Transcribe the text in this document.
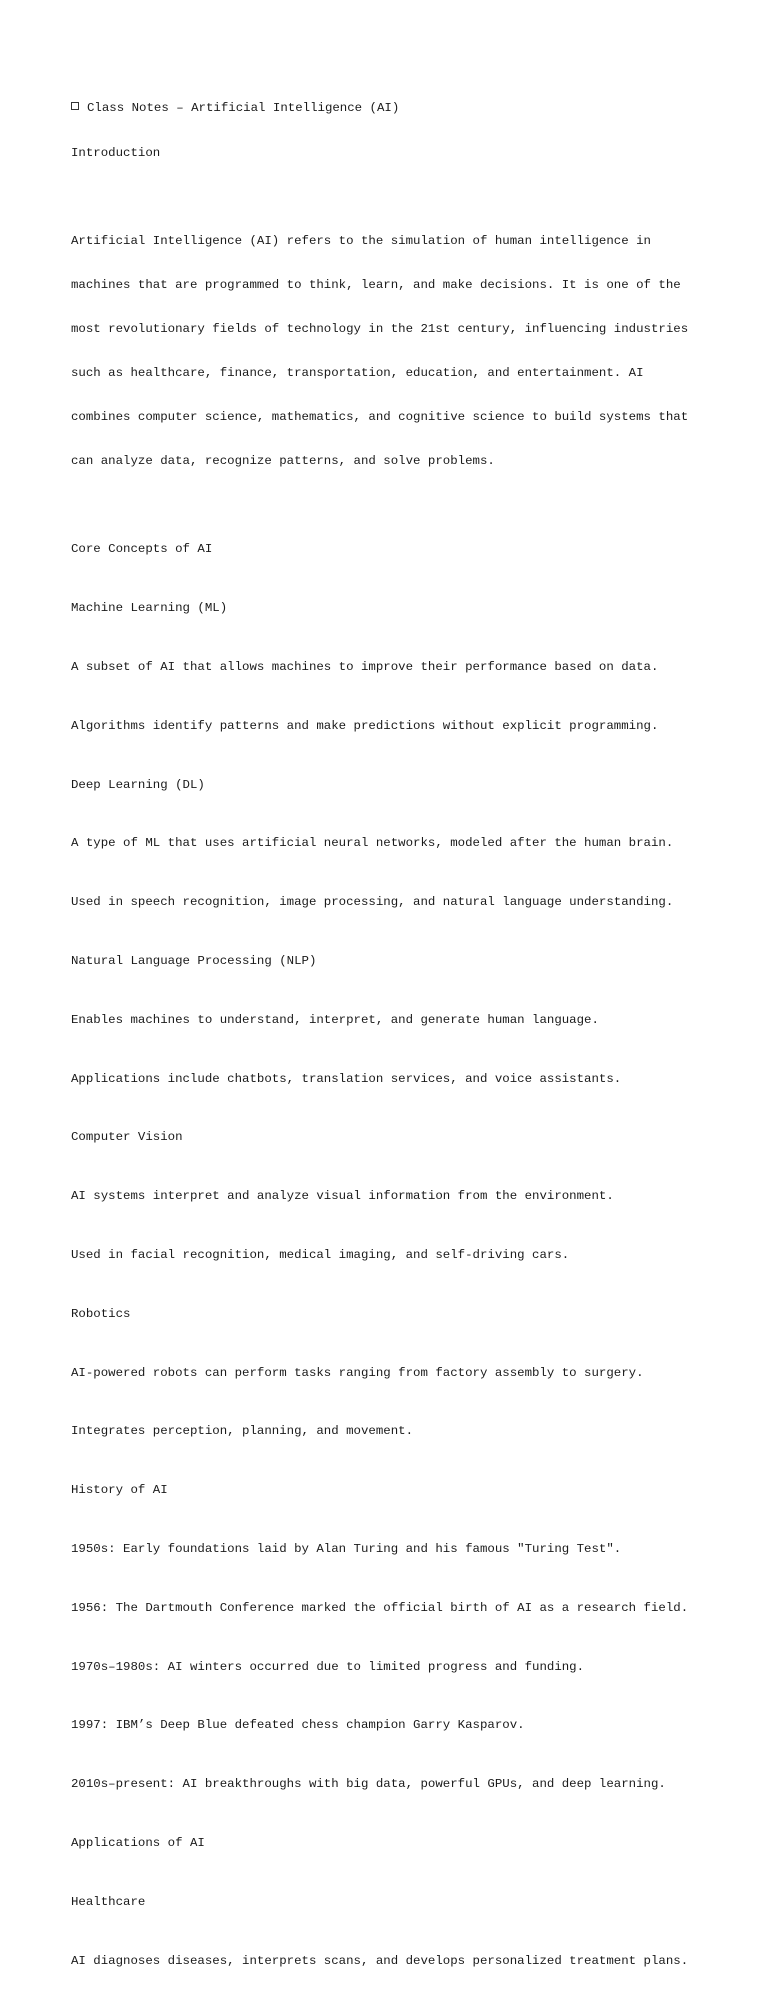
Class Notes – Artificial Intelligence (AI)

Introduction

Artificial Intelligence (AI) refers to the simulation of human intelligence in

machines that are programmed to think, learn, and make decisions. It is one of the

most revolutionary fields of technology in the 21st century, influencing industries

such as healthcare, finance, transportation, education, and entertainment. AI

combines computer science, mathematics, and cognitive science to build systems that

can analyze data, recognize patterns, and solve problems.

Core Concepts of AI

Machine Learning (ML)

A subset of AI that allows machines to improve their performance based on data.

Algorithms identify patterns and make predictions without explicit programming.

Deep Learning (DL)

A type of ML that uses artificial neural networks, modeled after the human brain.

Used in speech recognition, image processing, and natural language understanding.

Natural Language Processing (NLP)

Enables machines to understand, interpret, and generate human language.

Applications include chatbots, translation services, and voice assistants.

Computer Vision

AI systems interpret and analyze visual information from the environment.

Used in facial recognition, medical imaging, and self-driving cars.

Robotics

AI-powered robots can perform tasks ranging from factory assembly to surgery.

Integrates perception, planning, and movement.

History of AI

1950s: Early foundations laid by Alan Turing and his famous "Turing Test".

1956: The Dartmouth Conference marked the official birth of AI as a research field.

1970s–1980s: AI winters occurred due to limited progress and funding.

1997: IBM’s Deep Blue defeated chess champion Garry Kasparov.

2010s–present: AI breakthroughs with big data, powerful GPUs, and deep learning.

Applications of AI

Healthcare

AI diagnoses diseases, interprets scans, and develops personalized treatment plans.
